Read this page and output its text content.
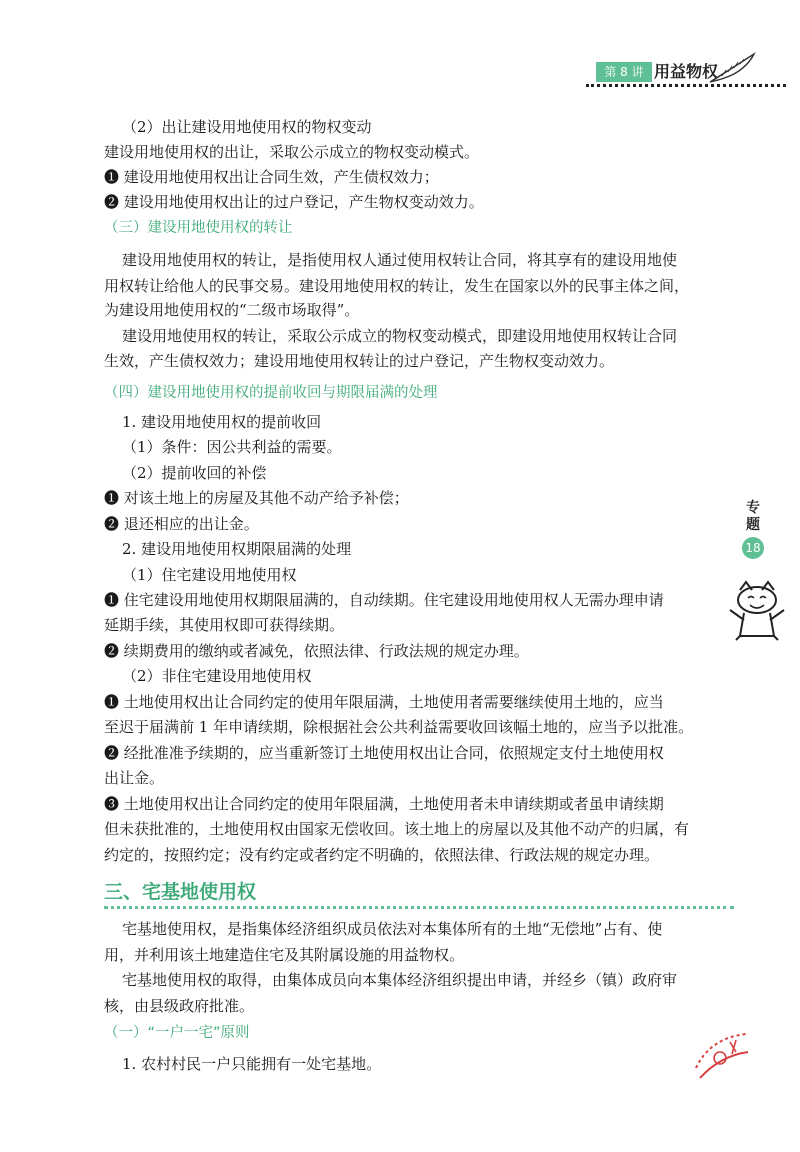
第 8 讲 用益物权
专
题
18
（2）出让建设用地使用权的物权变动
建设用地使用权的出让，采取公示成立的物权变动模式。
❶ 建设用地使用权出让合同生效，产生债权效力；
❷ 建设用地使用权出让的过户登记，产生物权变动效力。
（三）建设用地使用权的转让
建设用地使用权的转让，是指使用权人通过使用权转让合同，将其享有的建设用地使
用权转让给他人的民事交易。建设用地使用权的转让，发生在国家以外的民事主体之间，
为建设用地使用权的“二级市场取得”。
建设用地使用权的转让，采取公示成立的物权变动模式，即建设用地使用权转让合同
生效，产生债权效力；建设用地使用权转让的过户登记，产生物权变动效力。
（四）建设用地使用权的提前收回与期限届满的处理
1. 建设用地使用权的提前收回
（1）条件：因公共利益的需要。
（2）提前收回的补偿
❶ 对该土地上的房屋及其他不动产给予补偿；
❷ 退还相应的出让金。
2. 建设用地使用权期限届满的处理
（1）住宅建设用地使用权
❶ 住宅建设用地使用权期限届满的，自动续期。住宅建设用地使用权人无需办理申请
延期手续，其使用权即可获得续期。
❷ 续期费用的缴纳或者减免，依照法律、行政法规的规定办理。
（2）非住宅建设用地使用权
❶ 土地使用权出让合同约定的使用年限届满，土地使用者需要继续使用土地的，应当
至迟于届满前 1 年申请续期，除根据社会公共利益需要收回该幅土地的，应当予以批准。
❷ 经批准准予续期的，应当重新签订土地使用权出让合同，依照规定支付土地使用权
出让金。
❸ 土地使用权出让合同约定的使用年限届满，土地使用者未申请续期或者虽申请续期
但未获批准的，土地使用权由国家无偿收回。该土地上的房屋以及其他不动产的归属，有
约定的，按照约定；没有约定或者约定不明确的，依照法律、行政法规的规定办理。
三、宅基地使用权
宅基地使用权，是指集体经济组织成员依法对本集体所有的土地“无偿地”占有、使
用，并利用该土地建造住宅及其附属设施的用益物权。
宅基地使用权的取得，由集体成员向本集体经济组织提出申请，并经乡（镇）政府审
核，由县级政府批准。
（一）“一户一宅”原则
1. 农村村民一户只能拥有一处宅基地。
